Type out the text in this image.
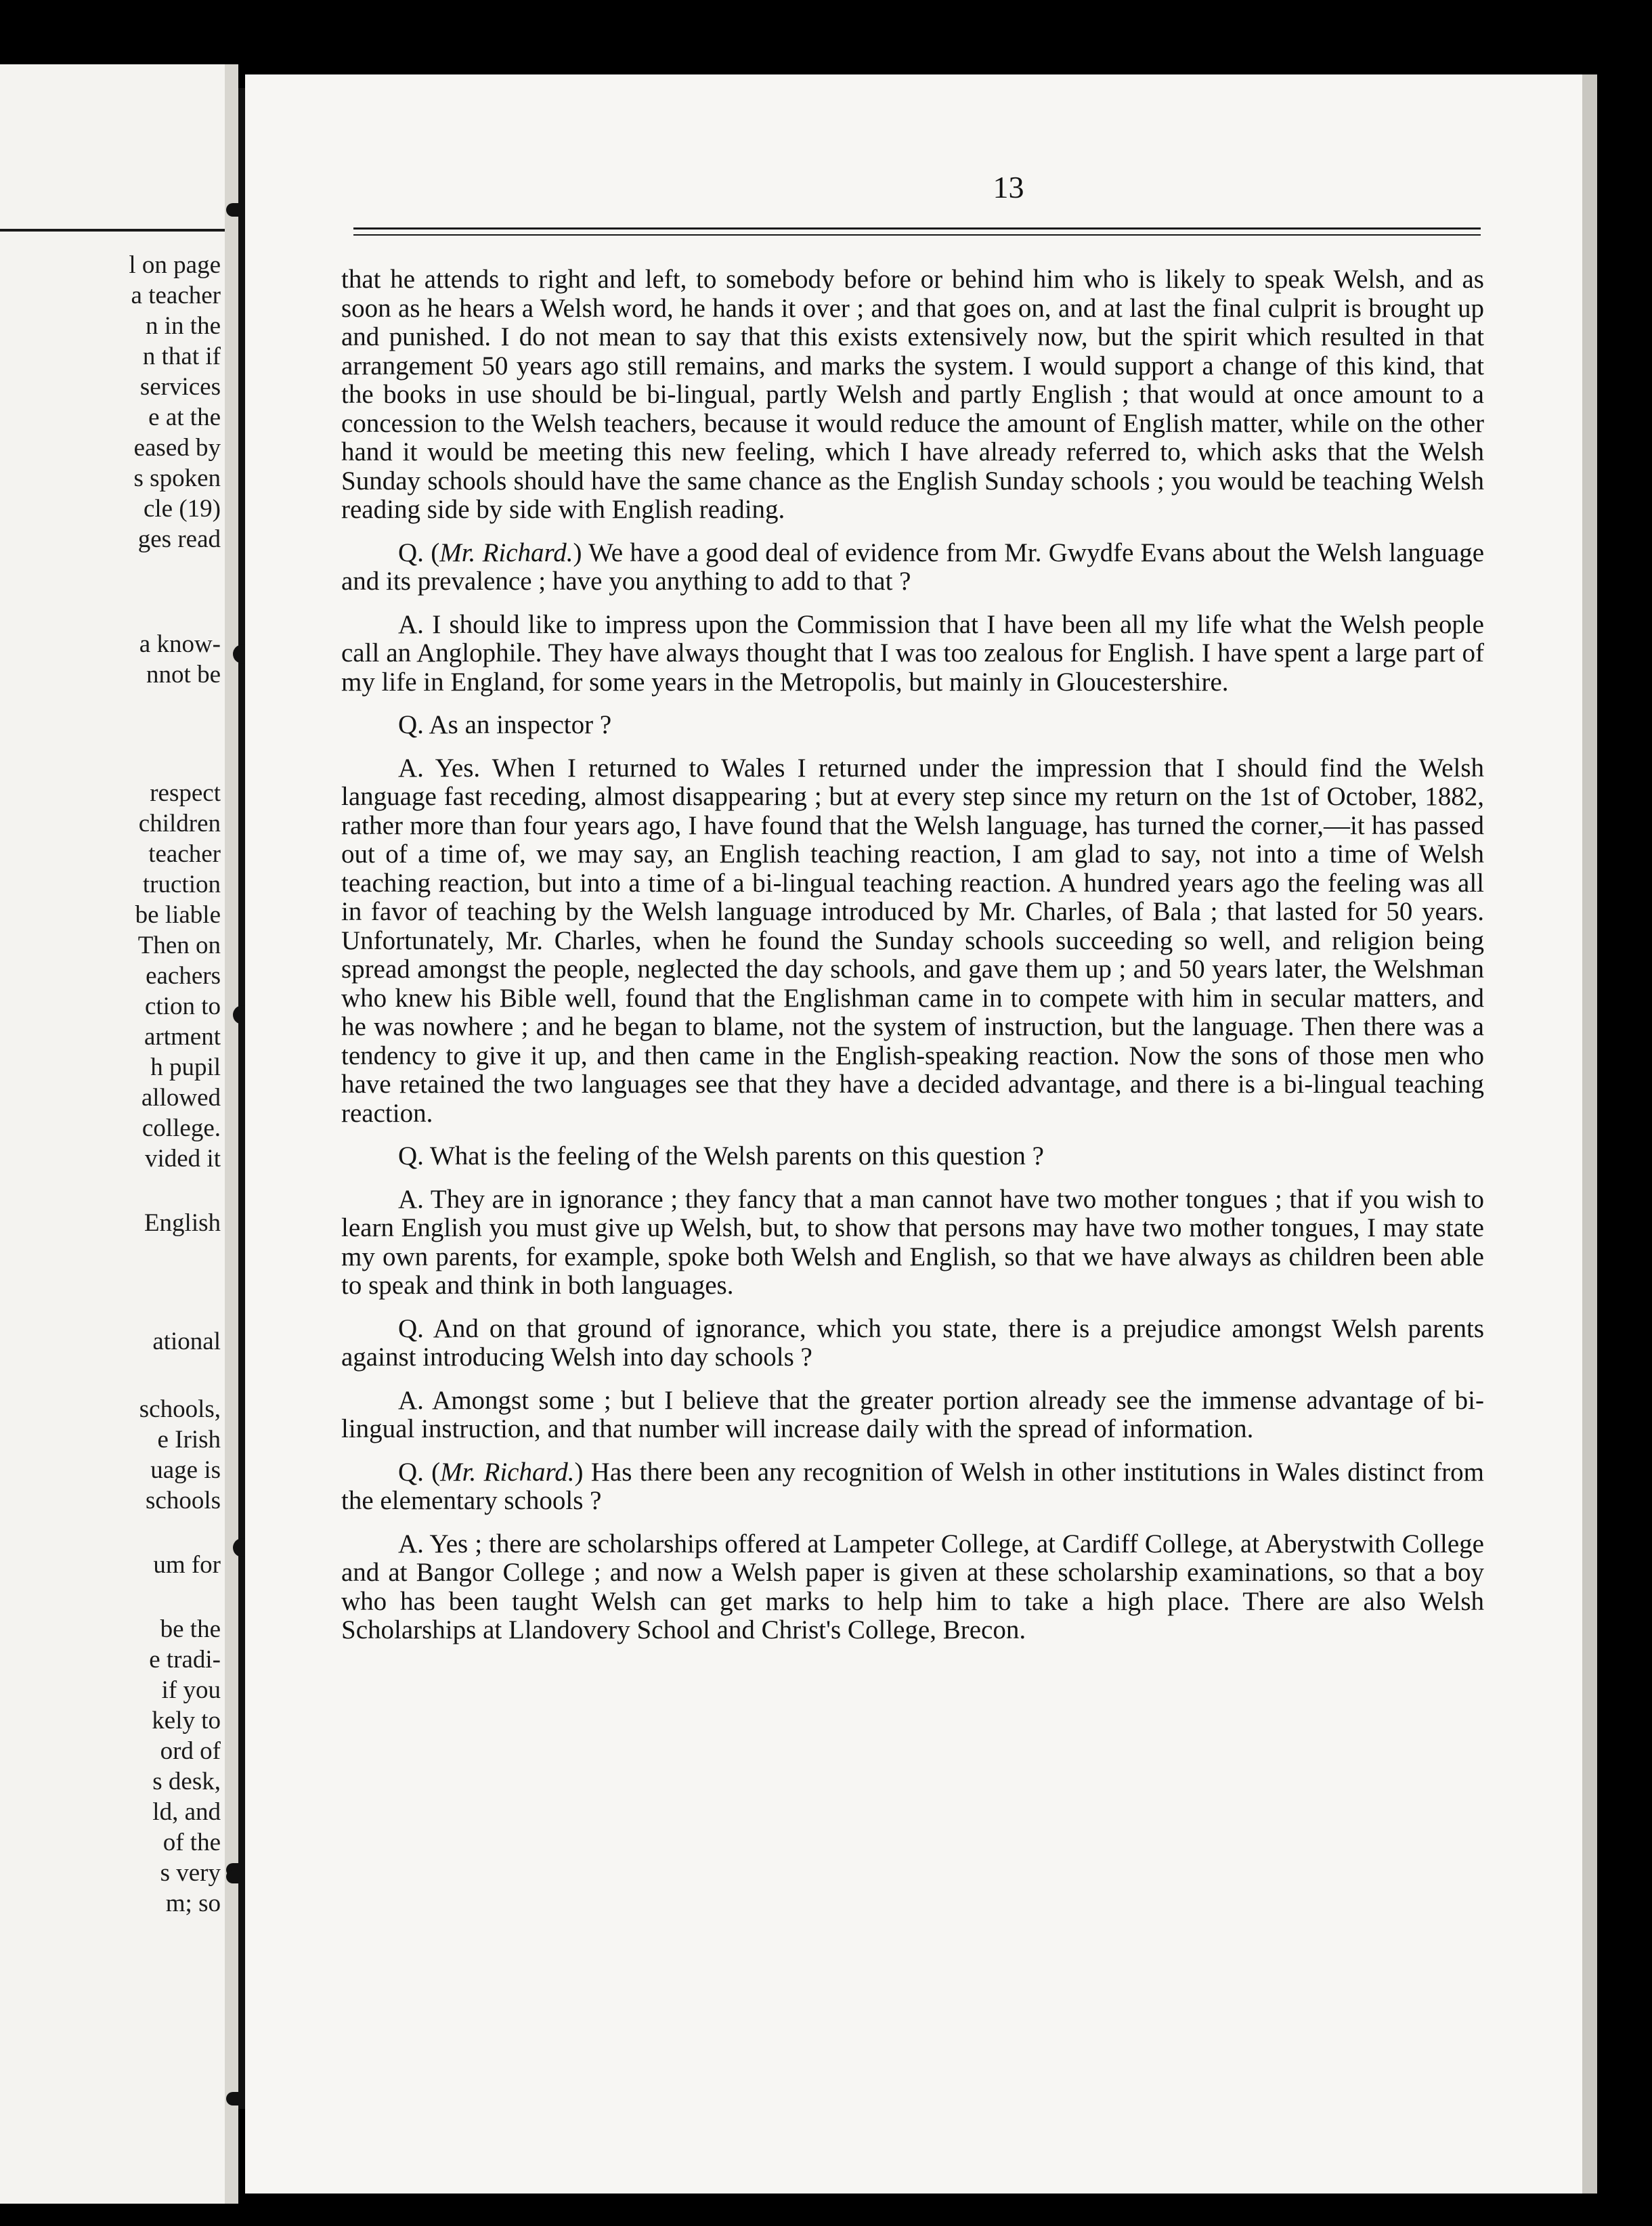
l on page
a teacher
n in the
n that if
services
e at the
eased by
s spoken
cle (19)
ges read
a know-
nnot be
respect
children
teacher
truction
be liable
Then on
eachers
ction to
artment
h pupil
allowed
college.
vided it
English
ational
schools,
e Irish
uage is
schools
um for
be the
e tradi-
if you
kely to
ord of
s desk,
ld, and
of the
s very
m; so
13

that he attends to right and left, to somebody before or behind him who is likely to speak Welsh, and as soon as he hears a Welsh word, he hands it over ; and that goes on, and at last the final culprit is brought up and punished. I do not mean to say that this exists extensively now, but the spirit which resulted in that arrangement 50 years ago still remains, and marks the system. I would support a change of this kind, that the books in use should be bi-lingual, partly Welsh and partly English ; that would at once amount to a concession to the Welsh teachers, because it would reduce the amount of English matter, while on the other hand it would be meeting this new feeling, which I have already referred to, which asks that the Welsh Sunday schools should have the same chance as the English Sunday schools ; you would be teaching Welsh reading side by side with English reading.

Q. (Mr. Richard.) We have a good deal of evidence from Mr. Gwydfe Evans about the Welsh language and its prevalence ; have you anything to add to that ?

A. I should like to impress upon the Commission that I have been all my life what the Welsh people call an Anglophile. They have always thought that I was too zealous for English. I have spent a large part of my life in England, for some years in the Metropolis, but mainly in Gloucestershire.

Q. As an inspector ?

A. Yes. When I returned to Wales I returned under the impression that I should find the Welsh language fast receding, almost disappearing ; but at every step since my return on the 1st of October, 1882, rather more than four years ago, I have found that the Welsh language, has turned the corner,—it has passed out of a time of, we may say, an English teaching reaction, I am glad to say, not into a time of Welsh teaching reaction, but into a time of a bi-lingual teaching reaction. A hundred years ago the feeling was all in favor of teaching by the Welsh language introduced by Mr. Charles, of Bala ; that lasted for 50 years. Unfortunately, Mr. Charles, when he found the Sunday schools succeeding so well, and religion being spread amongst the people, neglected the day schools, and gave them up ; and 50 years later, the Welshman who knew his Bible well, found that the Englishman came in to compete with him in secular matters, and he was nowhere ; and he began to blame, not the system of instruction, but the language. Then there was a tendency to give it up, and then came in the English-speaking reaction. Now the sons of those men who have retained the two languages see that they have a decided advantage, and there is a bi-lingual teaching reaction.

Q. What is the feeling of the Welsh parents on this question ?

A. They are in ignorance ; they fancy that a man cannot have two mother tongues ; that if you wish to learn English you must give up Welsh, but, to show that persons may have two mother tongues, I may state my own parents, for example, spoke both Welsh and English, so that we have always as children been able to speak and think in both languages.

Q. And on that ground of ignorance, which you state, there is a prejudice amongst Welsh parents against introducing Welsh into day schools ?

A. Amongst some ; but I believe that the greater portion already see the immense advantage of bi-lingual instruction, and that number will increase daily with the spread of information.

Q. (Mr. Richard.) Has there been any recognition of Welsh in other institutions in Wales distinct from the elementary schools ?

A. Yes ; there are scholarships offered at Lampeter College, at Cardiff College, at Aberystwith College and at Bangor College ; and now a Welsh paper is given at these scholarship examinations, so that a boy who has been taught Welsh can get marks to help him to take a high place. There are also Welsh Scholarships at Llandovery School and Christ's College, Brecon.
